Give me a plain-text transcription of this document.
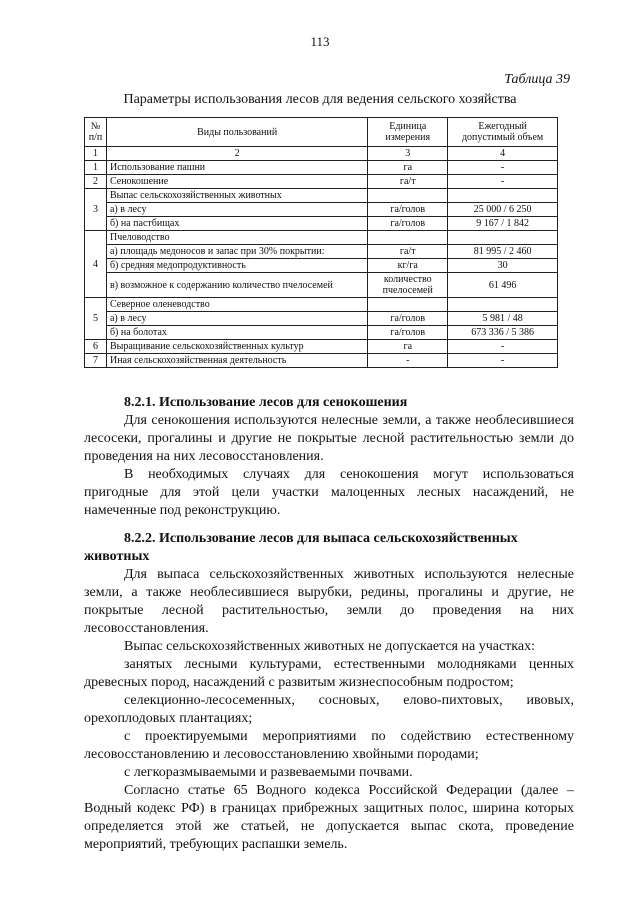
113
Таблица 39
Параметры использования лесов для ведения сельского хозяйства
№ п/п	Виды пользований	Единица измерения	Ежегодный допустимый объем
1	2	3	4
1	Использование пашни	га	-
2	Сенокошение	га/т	-
3	Выпас сельскохозяйственных животных		
	а) в лесу	га/голов	25 000 / 6 250
	б) на пастбищах	га/голов	9 167 / 1 842
4	Пчеловодство		
	а) площадь медоносов и запас при 30% покрытии:	га/т	81 995 / 2 460
	б) средняя медопродуктивность	кг/га	30
	в) возможное к содержанию количество пчелосемей	количество пчелосемей	61 496
5	Северное оленеводство		
	а) в лесу	га/голов	5 981 / 48
	б) на болотах	га/голов	673 336 / 5 386
6	Выращивание сельскохозяйственных культур	га	-
7	Иная сельскохозяйственная деятельность	-	-
8.2.1. Использование лесов для сенокошения

Для сенокошения используются нелесные земли, а также необлесившиеся лесосеки, прогалины и другие не покрытые лесной растительностью земли до проведения на них лесовосстановления.

В необходимых случаях для сенокошения могут использоваться пригодные для этой цели участки малоценных лесных насаждений, не намеченные под реконструкцию.

8.2.2. Использование лесов для выпаса сельскохозяйственных животных

Для выпаса сельскохозяйственных животных используются нелесные земли, а также необлесившиеся вырубки, редины, прогалины и другие, не покрытые лесной растительностью, земли до проведения на них лесовосстановления.

Выпас сельскохозяйственных животных не допускается на участках:

занятых лесными культурами, естественными молодняками ценных древесных пород, насаждений с развитым жизнеспособным подростом;

селекционно-лесосеменных, сосновых, елово-пихтовых, ивовых, орехоплодовых плантациях;

с проектируемыми мероприятиями по содействию естественному лесовосстановлению и лесовосстановлению хвойными породами;

с легкоразмываемыми и развеваемыми почвами.

Согласно статье 65 Водного кодекса Российской Федерации (далее – Водный кодекс РФ) в границах прибрежных защитных полос, ширина которых определяется этой же статьей, не допускается выпас скота, проведение мероприятий, требующих распашки земель.
